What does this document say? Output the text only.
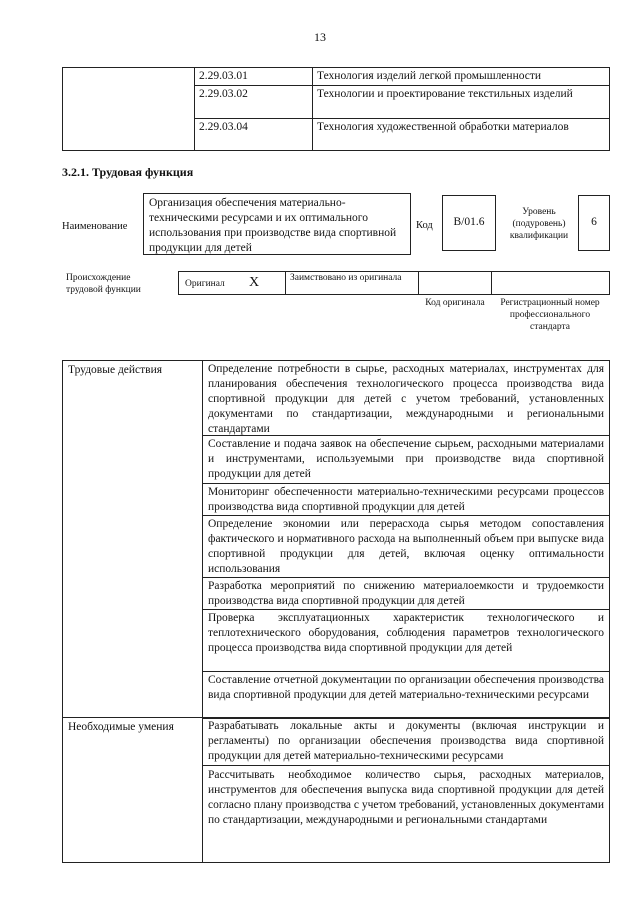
13
2.29.03.01	Технология изделий легкой промышленности
2.29.03.02	Технологии и проектирование текстильных изделий
2.29.03.04	Технология художественной обработки материалов
3.2.1. Трудовая функция
Наименование
Организация обеспечения материально-техническими ресурсами и их оптимального использования при производстве вида спортивной продукции для детей
Код	В/01.6
Уровень (подуровень) квалификации
6
Происхождение трудовой функции
Оригинал Х	Заимствовано из оригинала
Код оригинала	Регистрационный номер профессионального стандарта
Трудовые действия	Определение потребности в сырье, расходных материалах, инструментах для планирования обеспечения технологического процесса производства вида спортивной продукции для детей с учетом требований, установленных документами по стандартизации, международными и региональными стандартами
Составление и подача заявок на обеспечение сырьем, расходными материалами и инструментами, используемыми при производстве вида спортивной продукции для детей
Мониторинг обеспеченности материально-техническими ресурсами процессов производства вида спортивной продукции для детей
Определение экономии или перерасхода сырья методом сопоставления фактического и нормативного расхода на выполненный объем при выпуске вида спортивной продукции для детей, включая оценку оптимальности использования
Разработка мероприятий по снижению материалоемкости и трудоемкости производства вида спортивной продукции для детей
Проверка эксплуатационных характеристик технологического и теплотехнического оборудования, соблюдения параметров технологического процесса производства вида спортивной продукции для детей
Составление отчетной документации по организации обеспечения производства вида спортивной продукции для детей материально-техническими ресурсами
Необходимые умения	Разрабатывать локальные акты и документы (включая инструкции и регламенты) по организации обеспечения производства вида спортивной продукции для детей материально-техническими ресурсами
Рассчитывать необходимое количество сырья, расходных материалов, инструментов для обеспечения выпуска вида спортивной продукции для детей согласно плану производства с учетом требований, установленных документами по стандартизации, международными и региональными стандартами
